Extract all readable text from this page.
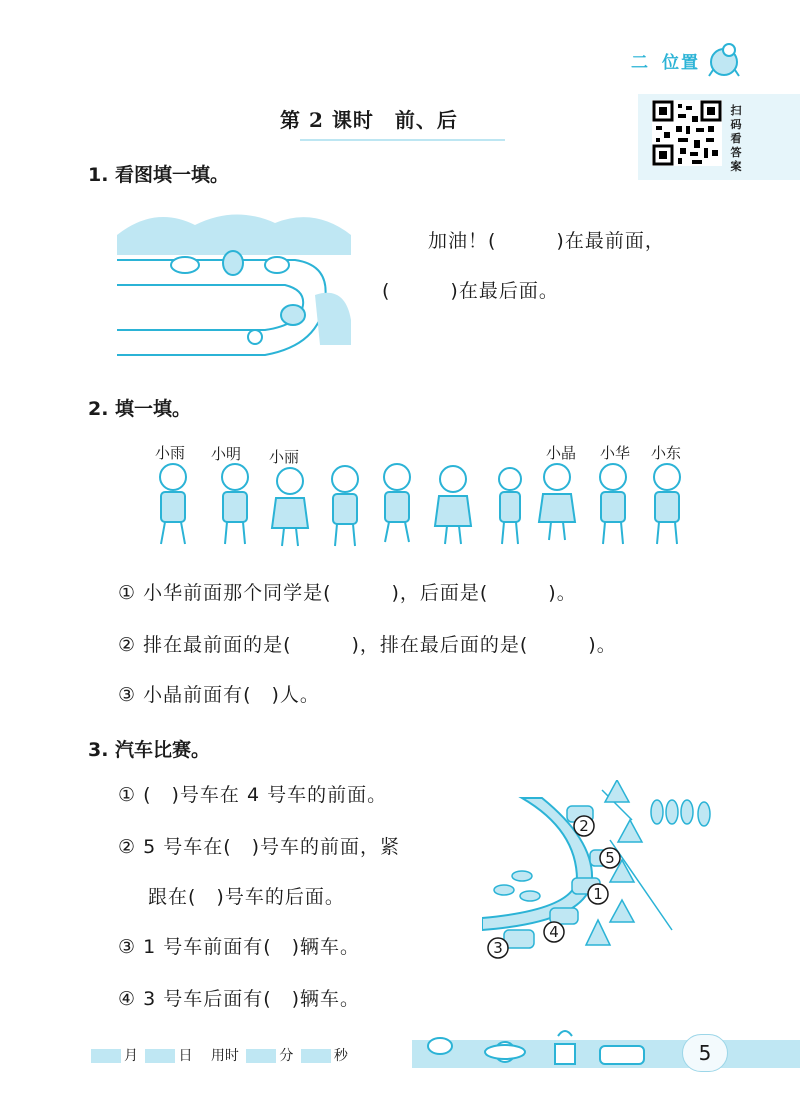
二 位置
扫
码
看
答
案
第 2 课时　前、后
1. 看图填一填。
加油！(　　　)在最前面，
(　　　)在最后面。
2. 填一填。
小雨 小明 小丽	小晶 小华 小东
① 小华前面那个同学是(　　　)，后面是(　　　)。
② 排在最前面的是(　　　)，排在最后面的是(　　　)。
③ 小晶前面有(　)人。
3. 汽车比赛。
① (　)号车在 4 号车的前面。
② 5 号车在(　)号车的前面，紧
跟在(　)号车的后面。
③ 1 号车前面有(　)辆车。
④ 3 号车后面有(　)辆车。
2
5
1
4
3
5
月	日 用时	分	秒
